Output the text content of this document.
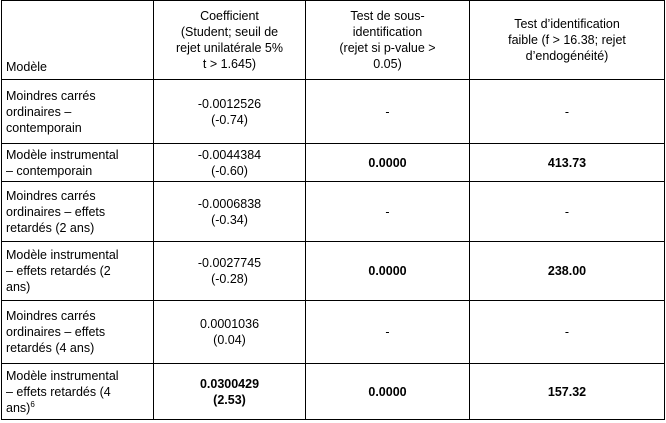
Modèle	Coefficient
(Student; seuil de
rejet unilatérale 5%
t > 1.645)	Test de sous-
identification
(rejet si p-value >
0.05)	Test d’identification
faible (f > 16.38; rejet
d’endogénéité)

Moindres carrés
ordinaires –
contemporain	-0.0012526
(-0.74)	-	-

Modèle instrumental
– contemporain	-0.0044384
(-0.60)	0.0000	413.73

Moindres carrés
ordinaires – effets
retardés (2 ans)	-0.0006838
(-0.34)	-	-

Modèle instrumental
– effets retardés (2
ans)	-0.0027745
(-0.28)	0.0000	238.00

Moindres carrés
ordinaires – effets
retardés (4 ans)	0.0001036
(0.04)	-	-

Modèle instrumental
– effets retardés (4
ans)$^6$	0.0300429
(2.53)	0.0000	157.32
